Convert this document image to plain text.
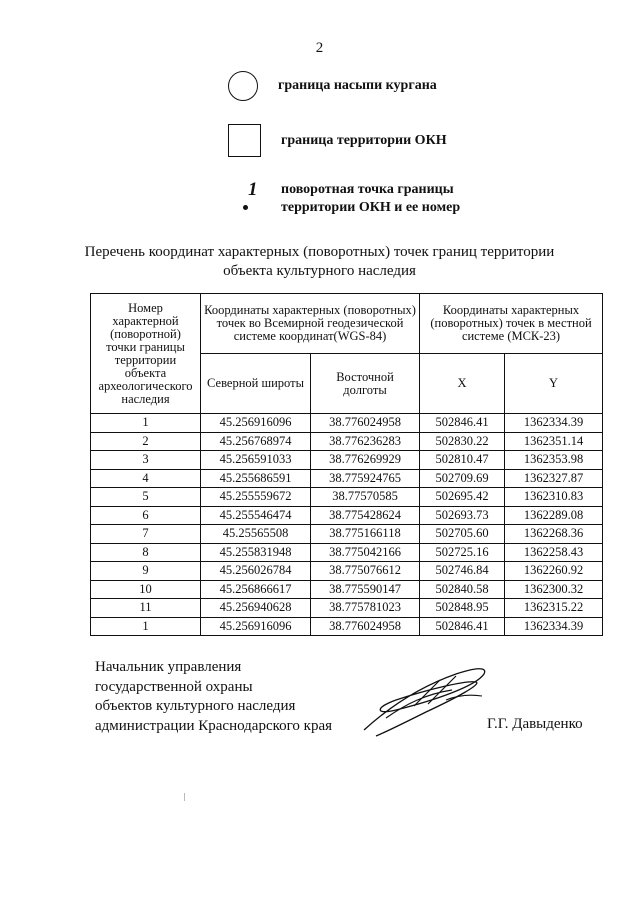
2
граница насыпи кургана
граница территории ОКН
1 поворотная точка границы
территории ОКН и ее номер
Перечень координат характерных (поворотных) точек границ территории
объекта культурного наследия
Номер характерной (поворотной) точки границы территории объекта археологического наследия	Координаты характерных (поворотных) точек во Всемирной геодезической системе координат(WGS-84)		Координаты характерных (поворотных) точек в местной системе (МСК-23)	
	Северной широты	Восточной долготы	X	Y
1	45.256916096	38.776024958	502846.41	1362334.39
2	45.256768974	38.776236283	502830.22	1362351.14
3	45.256591033	38.776269929	502810.47	1362353.98
4	45.255686591	38.775924765	502709.69	1362327.87
5	45.255559672	38.77570585	502695.42	1362310.83
6	45.255546474	38.775428624	502693.73	1362289.08
7	45.25565508	38.775166118	502705.60	1362268.36
8	45.255831948	38.775042166	502725.16	1362258.43
9	45.256026784	38.775076612	502746.84	1362260.92
10	45.256866617	38.775590147	502840.58	1362300.32
11	45.256940628	38.775781023	502848.95	1362315.22
1	45.256916096	38.776024958	502846.41	1362334.39
Начальник управления
государственной охраны
объектов культурного наследия
администрации Краснодарского края	Г.Г. Давыденко
